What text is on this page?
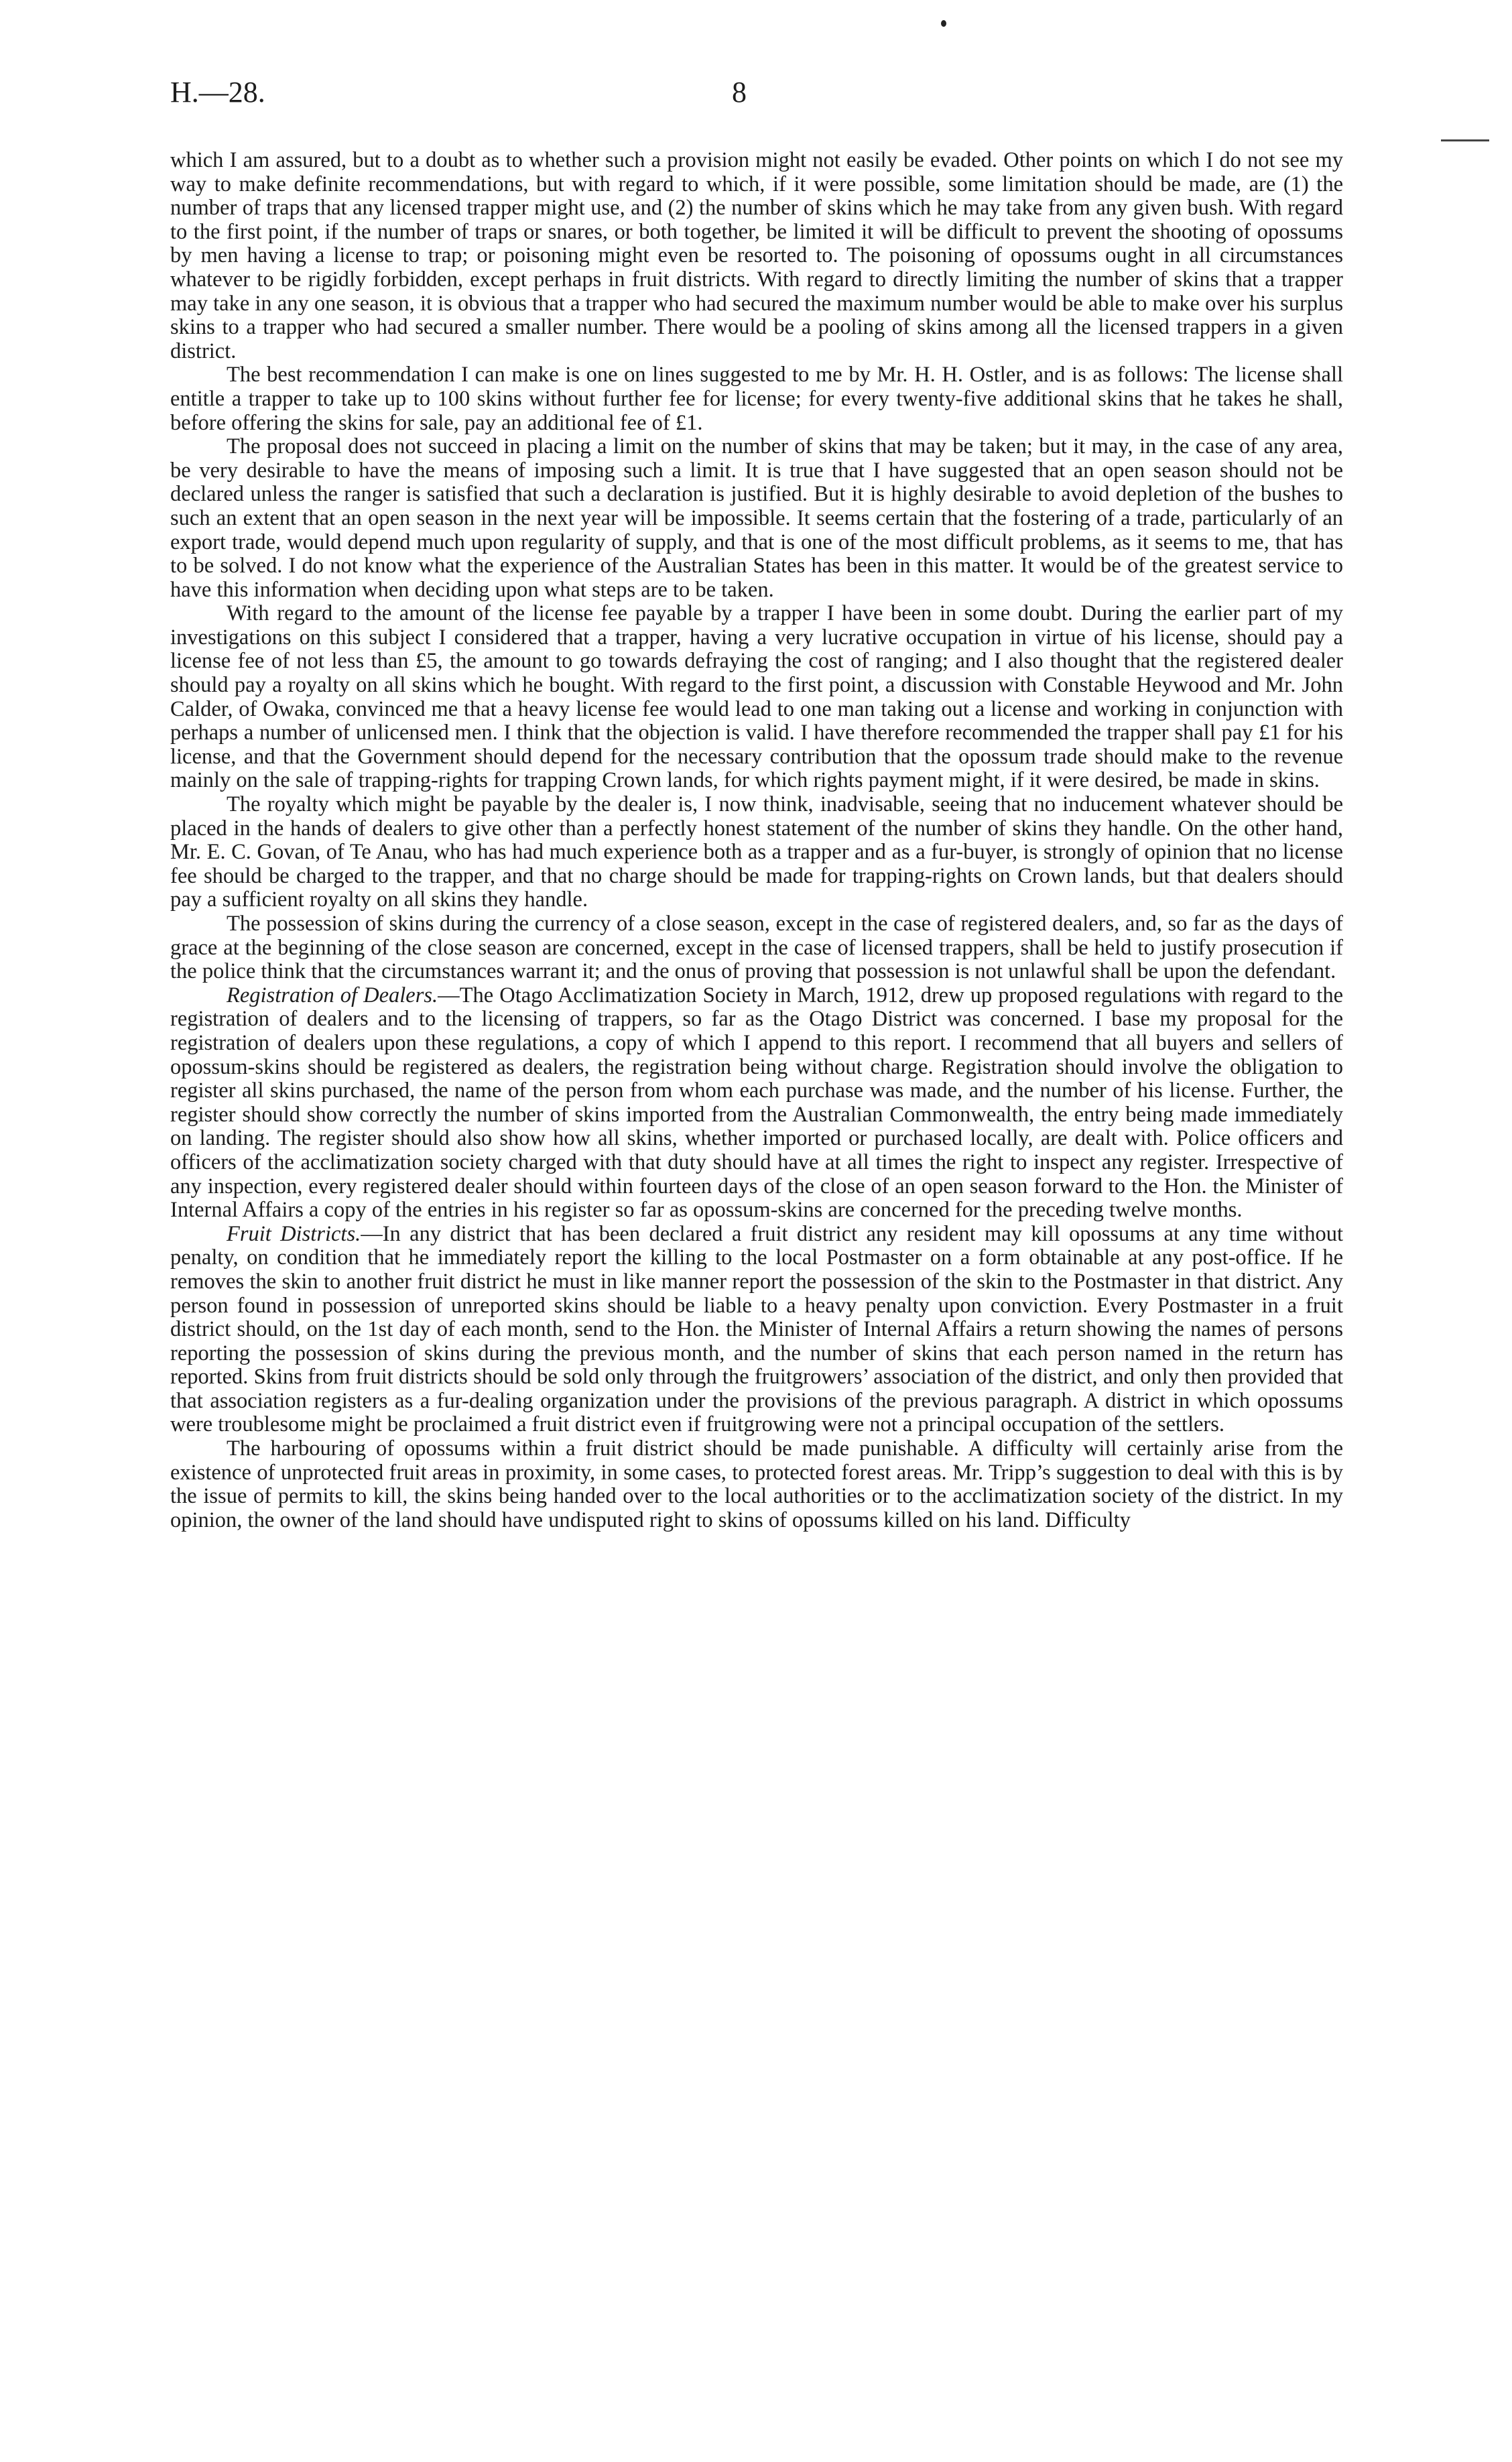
H.—28.	8

which I am assured, but to a doubt as to whether such a provision might not easily be evaded. Other points on which I do not see my way to make definite recommendations, but with regard to which, if it were possible, some limitation should be made, are (1) the number of traps that any licensed trapper might use, and (2) the number of skins which he may take from any given bush. With regard to the first point, if the number of traps or snares, or both together, be limited it will be difficult to prevent the shooting of opossums by men having a license to trap; or poisoning might even be resorted to. The poisoning of opossums ought in all circumstances whatever to be rigidly forbidden, except perhaps in fruit districts. With regard to directly limiting the number of skins that a trapper may take in any one season, it is obvious that a trapper who had secured the maximum number would be able to make over his surplus skins to a trapper who had secured a smaller number. There would be a pooling of skins among all the licensed trappers in a given district.

The best recommendation I can make is one on lines suggested to me by Mr. H. H. Ostler, and is as follows: The license shall entitle a trapper to take up to 100 skins without further fee for license; for every twenty-five additional skins that he takes he shall, before offering the skins for sale, pay an additional fee of £1.

The proposal does not succeed in placing a limit on the number of skins that may be taken; but it may, in the case of any area, be very desirable to have the means of imposing such a limit. It is true that I have suggested that an open season should not be declared unless the ranger is satisfied that such a declaration is justified. But it is highly desirable to avoid depletion of the bushes to such an extent that an open season in the next year will be impossible. It seems certain that the fostering of a trade, particularly of an export trade, would depend much upon regularity of supply, and that is one of the most difficult problems, as it seems to me, that has to be solved. I do not know what the experience of the Australian States has been in this matter. It would be of the greatest service to have this information when deciding upon what steps are to be taken.

With regard to the amount of the license fee payable by a trapper I have been in some doubt. During the earlier part of my investigations on this subject I considered that a trapper, having a very lucrative occupation in virtue of his license, should pay a license fee of not less than £5, the amount to go towards defraying the cost of ranging; and I also thought that the registered dealer should pay a royalty on all skins which he bought. With regard to the first point, a discussion with Constable Heywood and Mr. John Calder, of Owaka, convinced me that a heavy license fee would lead to one man taking out a license and working in conjunction with perhaps a number of unlicensed men. I think that the objection is valid. I have therefore recommended the trapper shall pay £1 for his license, and that the Government should depend for the necessary contribution that the opossum trade should make to the revenue mainly on the sale of trapping-rights for trapping Crown lands, for which rights payment might, if it were desired, be made in skins.

The royalty which might be payable by the dealer is, I now think, inadvisable, seeing that no inducement whatever should be placed in the hands of dealers to give other than a perfectly honest statement of the number of skins they handle. On the other hand, Mr. E. C. Govan, of Te Anau, who has had much experience both as a trapper and as a fur-buyer, is strongly of opinion that no license fee should be charged to the trapper, and that no charge should be made for trapping-rights on Crown lands, but that dealers should pay a sufficient royalty on all skins they handle.

The possession of skins during the currency of a close season, except in the case of registered dealers, and, so far as the days of grace at the beginning of the close season are concerned, except in the case of licensed trappers, shall be held to justify prosecution if the police think that the circumstances warrant it; and the onus of proving that possession is not unlawful shall be upon the defendant.

Registration of Dealers.—The Otago Acclimatization Society in March, 1912, drew up proposed regulations with regard to the registration of dealers and to the licensing of trappers, so far as the Otago District was concerned. I base my proposal for the registration of dealers upon these regulations, a copy of which I append to this report. I recommend that all buyers and sellers of opossum-skins should be registered as dealers, the registration being without charge. Registration should involve the obligation to register all skins purchased, the name of the person from whom each purchase was made, and the number of his license. Further, the register should show correctly the number of skins imported from the Australian Commonwealth, the entry being made immediately on landing. The register should also show how all skins, whether imported or purchased locally, are dealt with. Police officers and officers of the acclimatization society charged with that duty should have at all times the right to inspect any register. Irrespective of any inspection, every registered dealer should within fourteen days of the close of an open season forward to the Hon. the Minister of Internal Affairs a copy of the entries in his register so far as opossum-skins are concerned for the preceding twelve months.

Fruit Districts.—In any district that has been declared a fruit district any resident may kill opossums at any time without penalty, on condition that he immediately report the killing to the local Postmaster on a form obtainable at any post-office. If he removes the skin to another fruit district he must in like manner report the possession of the skin to the Postmaster in that district. Any person found in possession of unreported skins should be liable to a heavy penalty upon conviction. Every Postmaster in a fruit district should, on the 1st day of each month, send to the Hon. the Minister of Internal Affairs a return showing the names of persons reporting the possession of skins during the previous month, and the number of skins that each person named in the return has reported. Skins from fruit districts should be sold only through the fruitgrowers’ association of the district, and only then provided that that association registers as a fur-dealing organization under the provisions of the previous paragraph. A district in which opossums were troublesome might be proclaimed a fruit district even if fruitgrowing were not a principal occupation of the settlers.

The harbouring of opossums within a fruit district should be made punishable. A difficulty will certainly arise from the existence of unprotected fruit areas in proximity, in some cases, to protected forest areas. Mr. Tripp’s suggestion to deal with this is by the issue of permits to kill, the skins being handed over to the local authorities or to the acclimatization society of the district. In my opinion, the owner of the land should have undisputed right to skins of opossums killed on his land. Difficulty
